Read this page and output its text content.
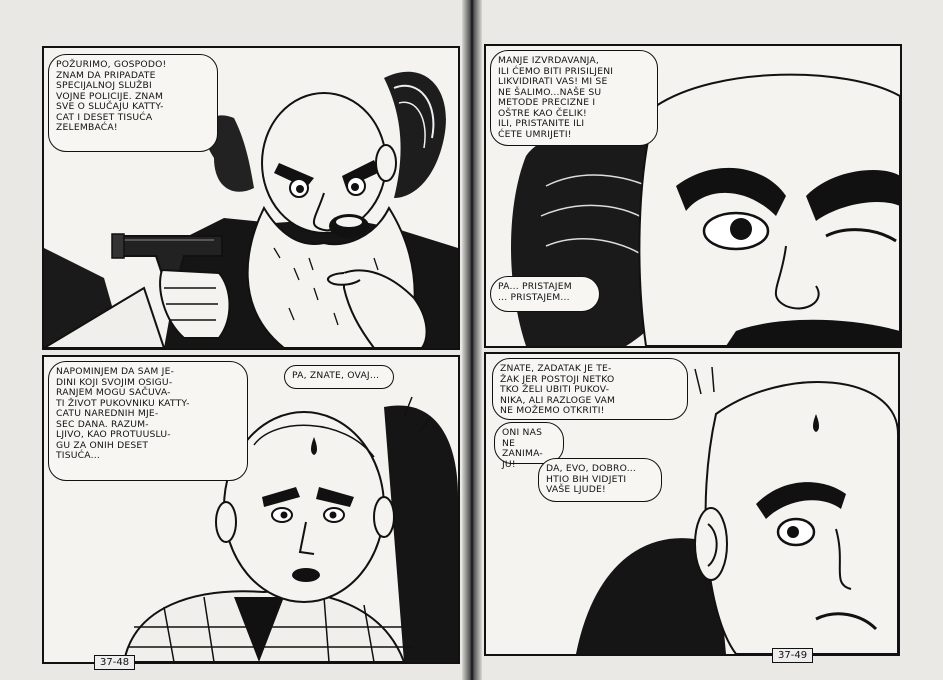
POŽURIMO, GOSPODO!
ZNAM DA PRIPADATE
SPECIJALNOJ SLUŽBI
VOJNE POLICIJE. ZNAM
SVE O SLUČAJU KATTY-
CAT I DESET TISUĆA
ZELEMBAĆA!
NAPOMINJEM DA SAM JE-
DINI KOJI SVOJIM OSIGU-
RANJEM MOGU SAČUVA-
TI ŽIVOT PUKOVNIKU KATTY-
CATU NAREDNIH MJE-
SEC DANA. RAZUM-
LJIVO, KAO PROTUUSLU-
GU ZA ONIH DESET
TISUĆA...
PA, ZNATE, OVAJ...
37-48
MANJE IZVRDAVANJA,
ILI ĆEMO BITI PRISILJENI
LIKVIDIRATI VAS! MI SE
NE ŠALIMO...NAŠE SU
METODE PRECIZNE I
OŠTRE KAO ČELIK!
ILI, PRISTANITE ILI
ĆETE UMRIJETI!
PA... PRISTAJEM
... PRISTAJEM...
ZNATE, ZADATAK JE TE-
ŽAK JER POSTOJI NETKO
TKO ŽELI UBITI PUKOV-
NIKA, ALI RAZLOGE VAM
NE MOŽEMO OTKRITI!
ONI NAS NE
ZANIMA-
JU!	DA, EVO, DOBRO...
HTIO BIH VIDJETI
VAŠE LJUDE!
37-49
